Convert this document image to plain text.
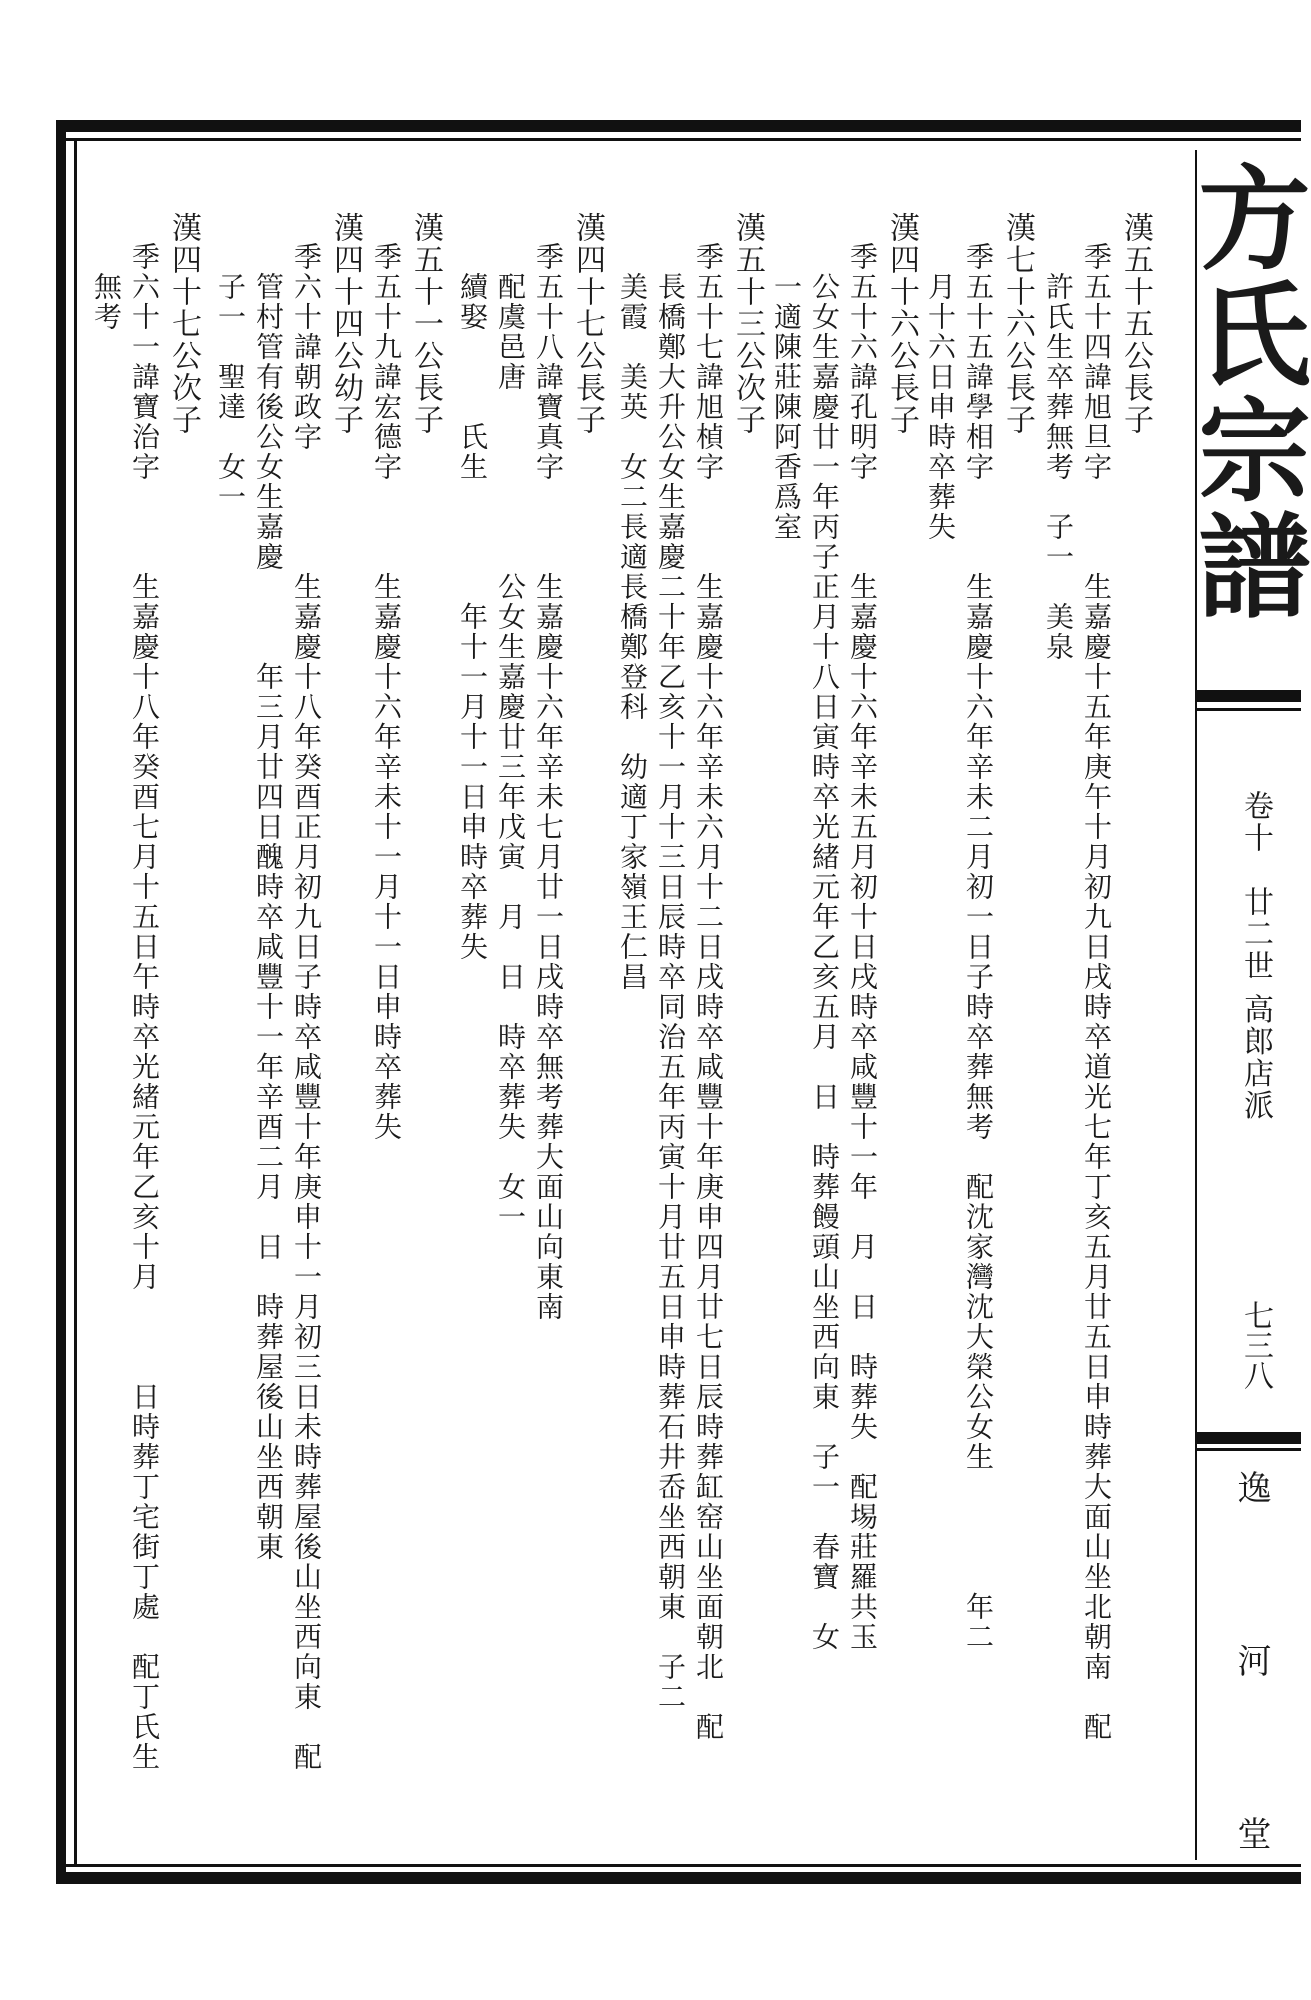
方氏宗譜
卷十　廿二世 高郎店派
七三八
逸
河
堂
漢五十五公長子
　季五十四諱旭旦字　　　生嘉慶十五年庚午十月初九日戌時卒道光七年丁亥五月廿五日申時葬大面山坐北朝南　配
　　許氏生卒葬無考　子一　美泉
漢七十六公長子
　季五十五諱學相字　　　生嘉慶十六年辛未二月初一日子時卒葬無考　配沈家灣沈大榮公女生　　　　年二
　　月十六日申時卒葬失
漢四十六公長子
　季五十六諱孔明字　　　生嘉慶十六年辛未五月初十日戌時卒咸豐十一年　月　日　時葬失　配埸莊羅共玉
　　公女生嘉慶廿一年丙子正月十八日寅時卒光緒元年乙亥五月　日　時葬饅頭山坐西向東　子一　春寶　女
　　一適陳莊陳阿香爲室
漢五十三公次子
　季五十七諱旭楨字　　　生嘉慶十六年辛未六月十二日戌時卒咸豐十年庚申四月廿七日辰時葬缸窑山坐面朝北　配
　　長橋鄭大升公女生嘉慶二十年乙亥十一月十三日辰時卒同治五年丙寅十月廿五日申時葬石井岙坐西朝東　子二
　　美霞　美英　女二長適長橋鄭登科　幼適丁家嶺王仁昌
漢四十七公長子
　季五十八諱寶真字　　　生嘉慶十六年辛未七月廿一日戌時卒無考葬大面山向東南
　　配虞邑唐　　　　　　公女生嘉慶廿三年戊寅　月　日　時卒葬失　女一
　　續娶　　　氏生　　　　年十一月十一日申時卒葬失
漢五十一公長子
　季五十九諱宏德字　　　生嘉慶十六年辛未十一月十一日申時卒葬失
漢四十四公幼子
　季六十諱朝政字　　　　生嘉慶十八年癸酉正月初九日子時卒咸豐十年庚申十一月初三日未時葬屋後山坐西向東　配
　　管村管有後公女生嘉慶　　　年三月廿四日醜時卒咸豐十一年辛酉二月　日　時葬屋後山坐西朝東
　　子一　聖達　女一
漢四十七公次子
　季六十一諱寶治字　　　生嘉慶十八年癸酉七月十五日午時卒光緒元年乙亥十月　　　日時葬丁宅街丁處　配丁氏生
　　無考
